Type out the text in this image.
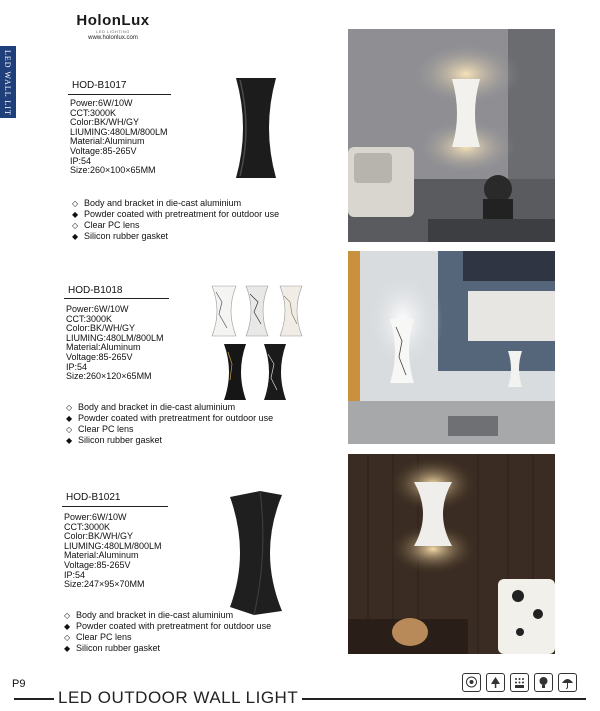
HolonLux
LED LIGHTING
www.holonlux.com
LED WALL LIT	HOD-B1017
Power:6W/10W
CCT:3000K
Color:BK/WH/GY
LIUMING:480LM/800LM
Material:Aluminum
Voltage:85-265V
IP:54
Size:260×100×65MM
◇ Body and bracket in die-cast aluminium
◆ Powder coated with pretreatment for outdoor use
◇ Clear PC lens
◆ Silicon rubber gasket
HOD-B1018
Power:6W/10W
CCT:3000K
Color:BK/WH/GY
LIUMING:480LM/800LM
Material:Aluminum
Voltage:85-265V
IP:54
Size:260×120×65MM
◇ Body and bracket in die-cast aluminium
◆ Powder coated with pretreatment for outdoor use
◇ Clear PC lens
◆ Silicon rubber gasket
HOD-B1021
Power:6W/10W
CCT:3000K
Color:BK/WH/GY
LIUMING:480LM/800LM
Material:Aluminum
Voltage:85-265V
IP:54
Size:247×95×70MM
◇ Body and bracket in die-cast aluminium
◆ Powder coated with pretreatment for outdoor use
◇ Clear PC lens
◆ Silicon rubber gasket
P9
LED OUTDOOR WALL LIGHT
